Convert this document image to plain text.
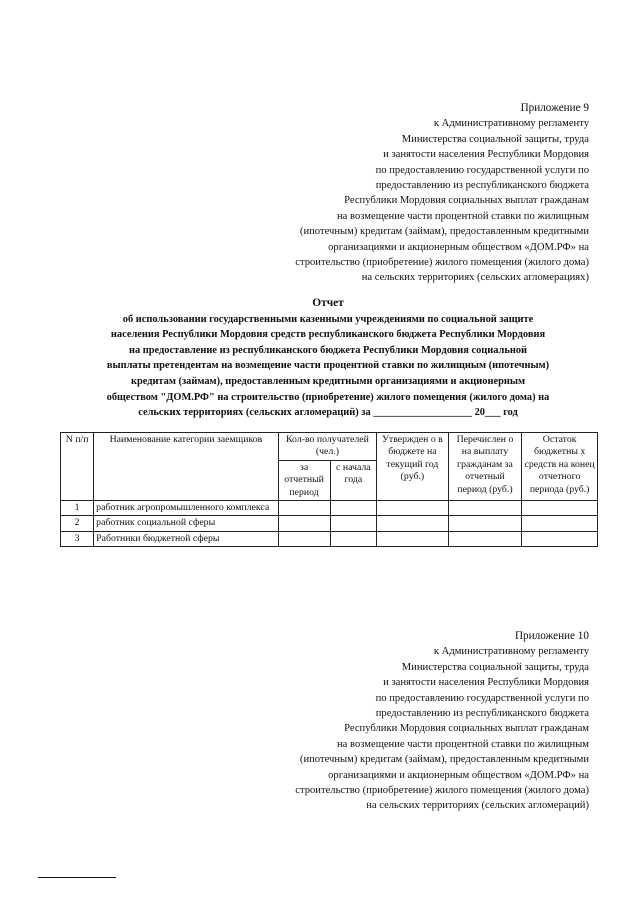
Приложение 9
к Административному регламенту
Министерства социальной защиты, труда
и занятости населения Республики Мордовия
по предоставлению государственной услуги по
предоставлению из республиканского бюджета
Республики Мордовия социальных выплат гражданам
на возмещение части процентной ставки по жилищным
(ипотечным) кредитам (займам), предоставленным кредитными
организациями и акционерным обществом «ДОМ.РФ» на
строительство (приобретение) жилого помещения (жилого дома)
на сельских территориях (сельских агломерациях)
Отчет
об использовании государственными казенными учреждениями по социальной защите
населения Республики Мордовия средств республиканского бюджета Республики Мордовия
на предоставление из республиканского бюджета Республики Мордовия социальной
выплаты претендентам на возмещение части процентной ставки по жилищным (ипотечным)
кредитам (займам), предоставленным кредитными организациями и акционерным
обществом "ДОМ.РФ" на строительство (приобретение) жилого помещения (жилого дома) на
сельских территориях (сельских агломераций) за ___________________ 20___ год
N п/п	Наименование категории заемщиков	Кол-во получателей (чел.)		Утвержден о в бюджете на текущий год (руб.)	Перечислен о на выплату гражданам за отчетный период (руб.)	Остаток бюджетны х средств на конец отчетного периода (руб.)
		за отчетный период	с начала года			
1	работник агропромышленного комплекса					
2	работник социальной сферы					
3	Работники бюджетной сферы					
Приложение 10
к Административному регламенту
Министерства социальной защиты, труда
и занятости населения Республики Мордовия
по предоставлению государственной услуги по
предоставлению из республиканского бюджета
Республики Мордовия социальных выплат гражданам
на возмещение части процентной ставки по жилищным
(ипотечным) кредитам (займам), предоставленным кредитными
организациями и акционерным обществом «ДОМ.РФ» на
строительство (приобретение) жилого помещения (жилого дома)
на сельских территориях (сельских агломераций)
